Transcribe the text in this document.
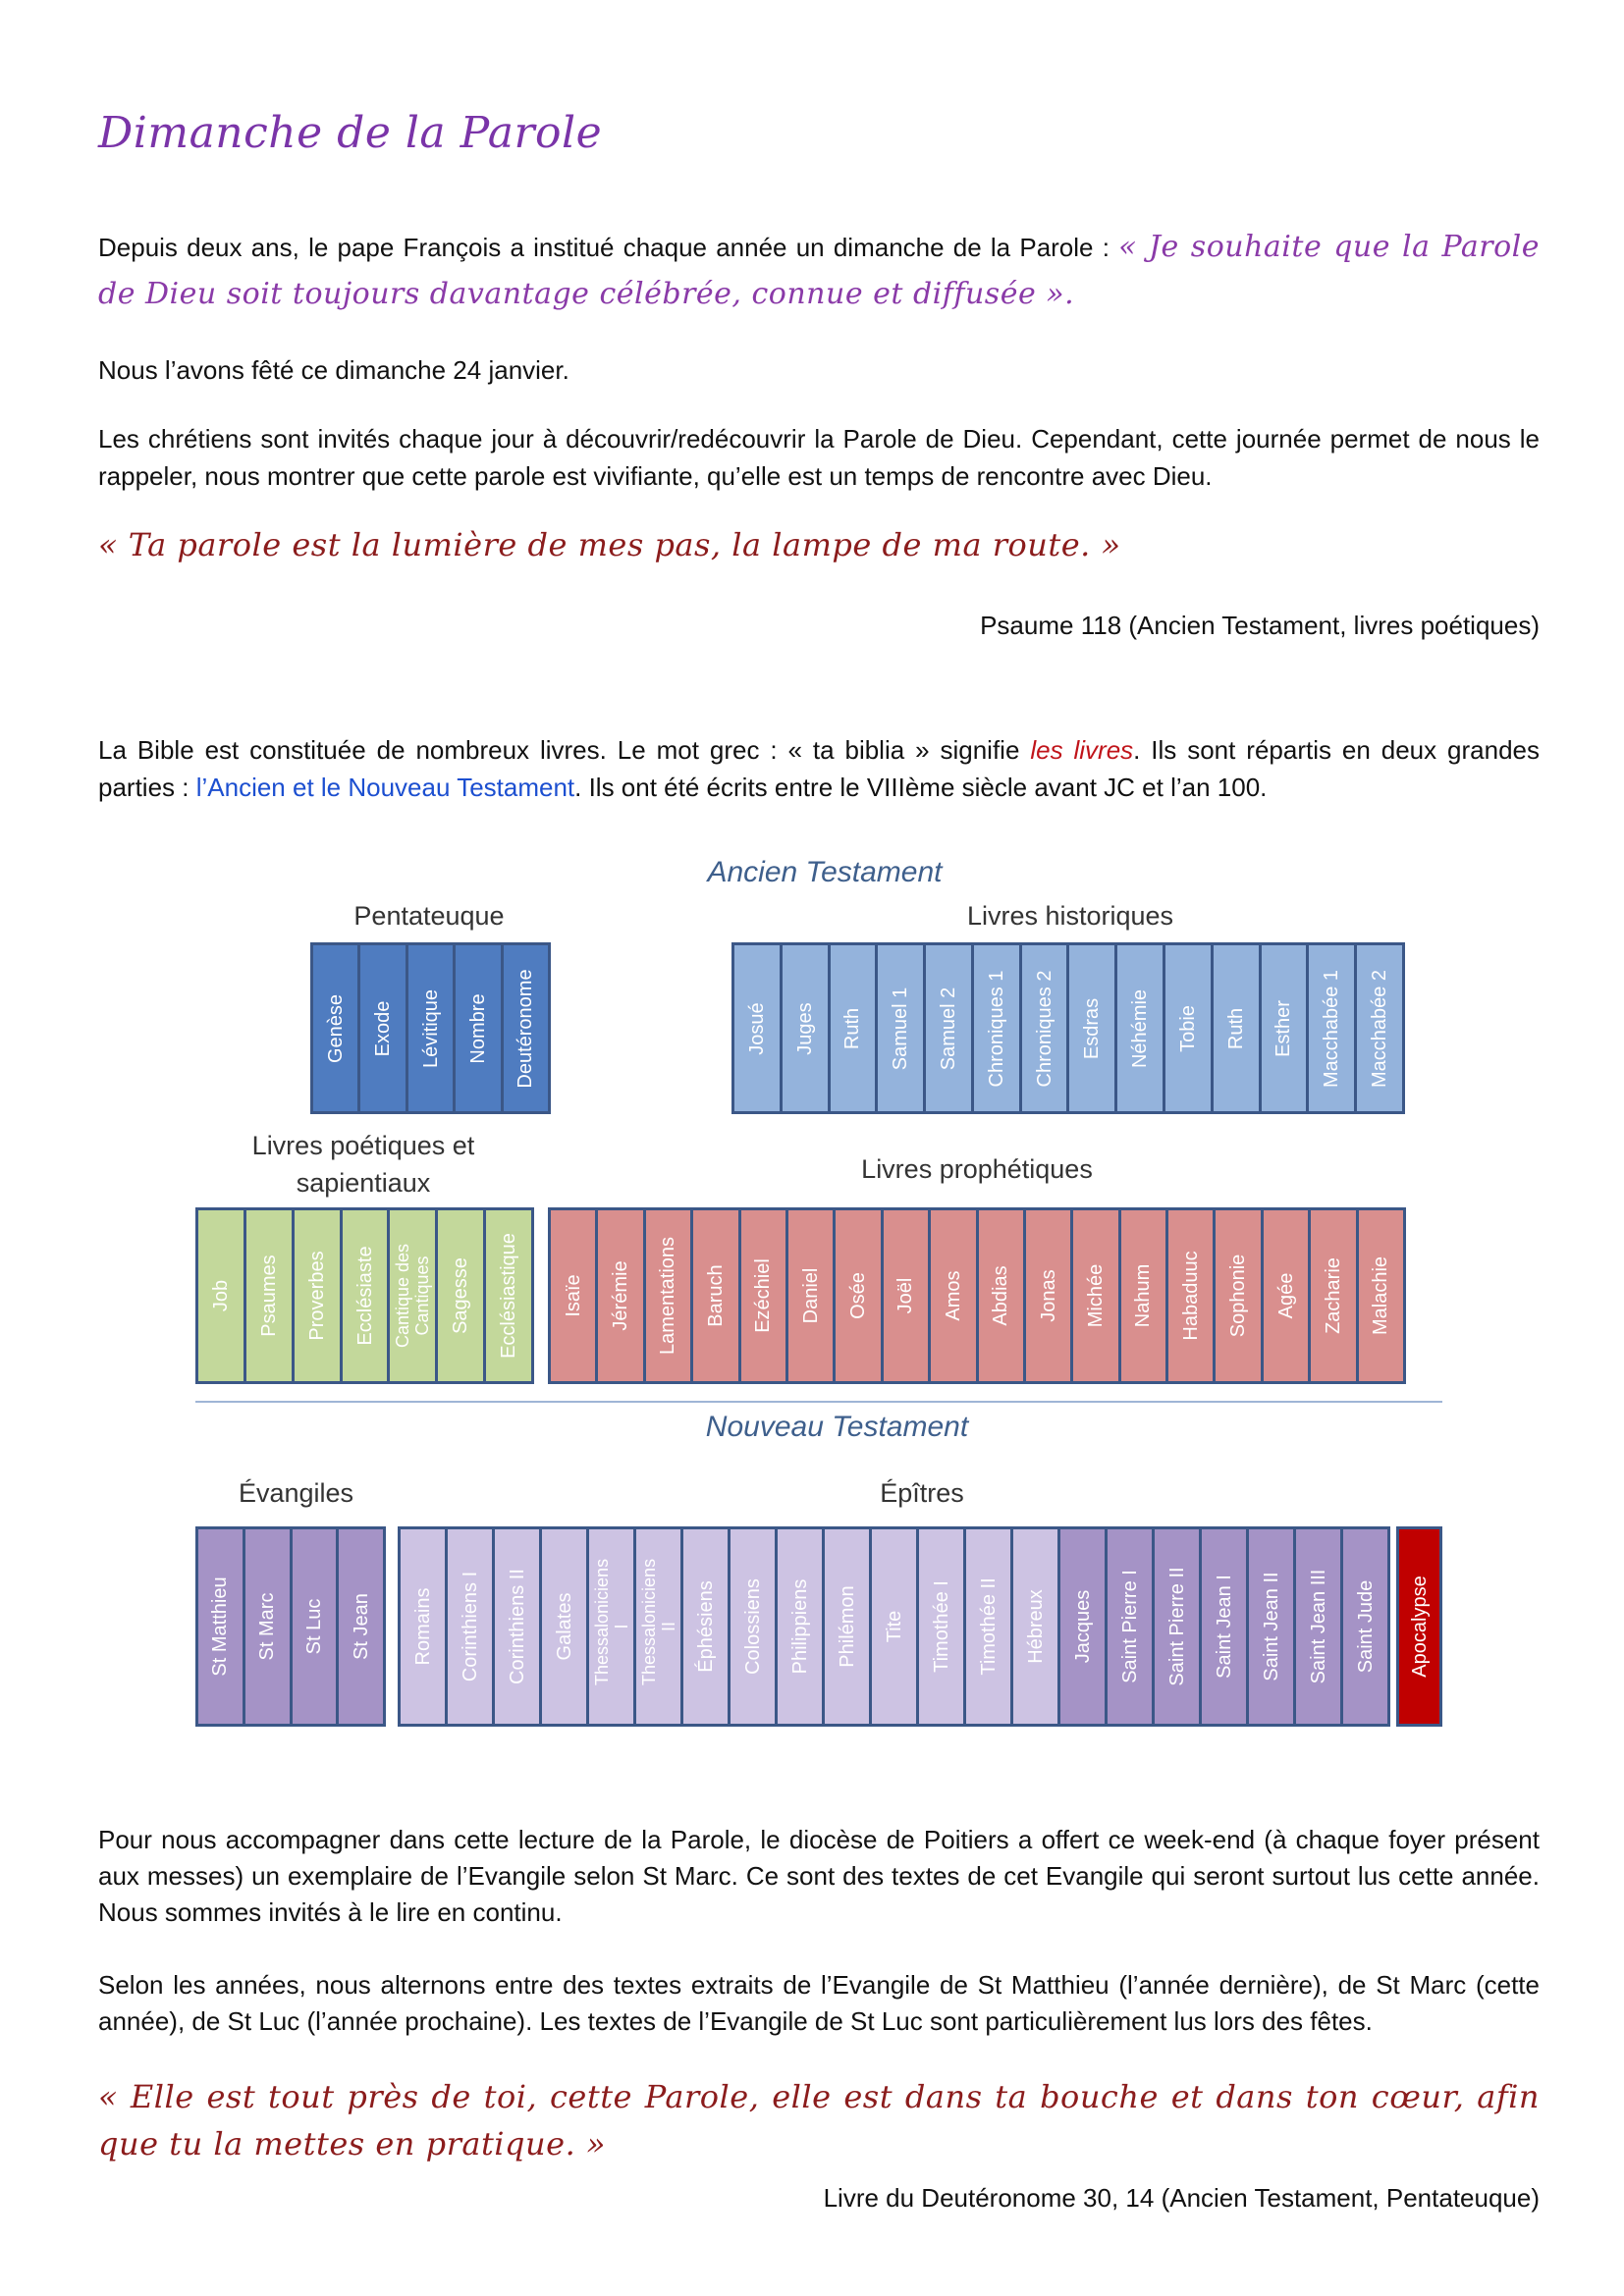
Dimanche de la Parole
Depuis deux ans, le pape François a institué chaque année un dimanche de la Parole : « Je souhaite que la Parole de Dieu soit toujours davantage célébrée, connue et diffusée ».
Nous l’avons fêté ce dimanche 24 janvier.
Les chrétiens sont invités chaque jour à découvrir/redécouvrir la Parole de Dieu. Cependant, cette journée permet de nous le rappeler, nous montrer que cette parole est vivifiante, qu’elle est un temps de rencontre avec Dieu.
« Ta parole est la lumière de mes pas, la lampe de ma route. »
Psaume 118 (Ancien Testament, livres poétiques)
La Bible est constituée de nombreux livres. Le mot grec : « ta biblia » signifie les livres. Ils sont répartis en deux grandes parties : l’Ancien et le Nouveau Testament. Ils ont été écrits entre le VIIIème siècle avant JC et l’an 100.
Ancien Testament
Pentateuque
Genèse Exode Lévitique Nombre Deutéronome
Livres historiques
Josué Juges Ruth Samuel 1 Samuel 2 Chroniques 1 Chroniques 2 Esdras Néhémie Tobie Ruth Esther Macchabée 1 Macchabée 2
Livres poétiques et sapientiaux
Job Psaumes Proverbes Ecclésiaste Cantique des Cantiques Sagesse Ecclésiastique
Livres prophétiques
Isaïe Jérémie Lamentations Baruch Ezéchiel Daniel Osée Joël Amos Abdias Jonas Michée Nahum Habaduuc Sophonie Agée Zacharie Malachie
Nouveau Testament
Évangiles
St Matthieu St Marc St Luc St Jean
Épîtres
Romains Corinthiens I Corinthiens II Galates Thessaloniciens I Thessaloniciens II Éphésiens Colossiens Philippiens Philémon Tite Timothée I Timothée II Hébreux Jacques Saint Pierre I Saint Pierre II Saint Jean I Saint Jean II Saint Jean III Saint Jude Apocalypse
Pour nous accompagner dans cette lecture de la Parole, le diocèse de Poitiers a offert ce week-end (à chaque foyer présent aux messes) un exemplaire de l’Evangile selon St Marc. Ce sont des textes de cet Evangile qui seront surtout lus cette année. Nous sommes invités à le lire en continu.
Selon les années, nous alternons entre des textes extraits de l’Evangile de St Matthieu (l’année dernière), de St Marc (cette année), de St Luc (l’année prochaine). Les textes de l’Evangile de St Luc sont particulièrement lus lors des fêtes.
« Elle est tout près de toi, cette Parole, elle est dans ta bouche et dans ton cœur, afin que tu la mettes en pratique. »
Livre du Deutéronome 30, 14 (Ancien Testament, Pentateuque)
